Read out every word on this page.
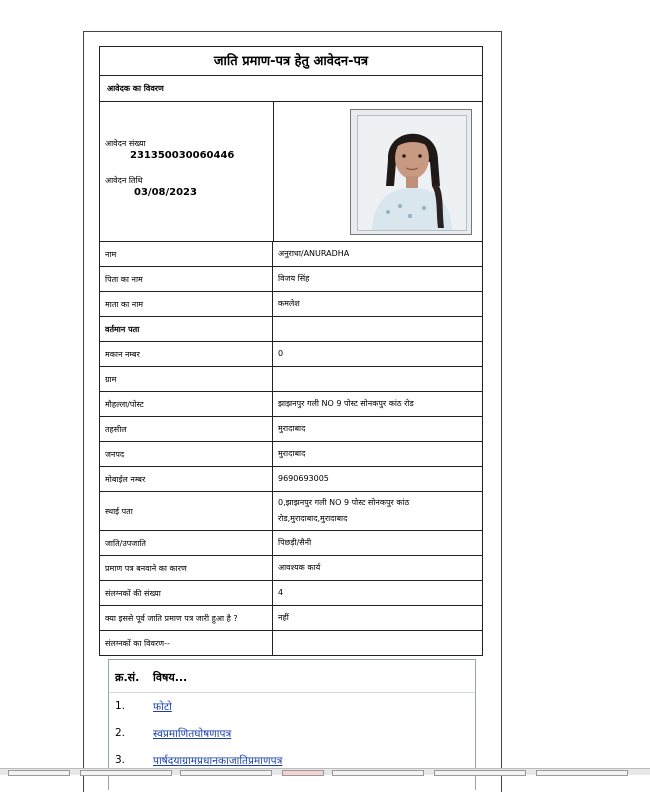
जाति प्रमाण-पत्र हेतु आवेदन-पत्र
आवेदक का विवरण
आवेदन संख्या
231350030060446
आवेदन तिथि
03/08/2023
नाम	अनुराधा/ANURADHA
पिता का नाम	विजय सिंह
माता का नाम	कमलेश
वर्तमान पता	
मकान नम्बर	0
ग्राम	
मौहल्ला/पोस्ट	झाझनपुर गली NO 9 पोस्ट सोनकपुर कांठ रोड
तहसील	मुरादाबाद
जनपद	मुरादाबाद
मोबाईल नम्बर	9690693005
स्थाई पता	0,झाझनपुर गली NO 9 पोस्ट सोनकपुर कांठ रोड,मुरादाबाद,मुरादाबाद
जाति/उपजाति	पिछड़ी/सैनी
प्रमाण पत्र बनवाने का कारण	आवश्यक कार्य
संलग्नकों की संख्या	4
क्या इससे पूर्व जाति प्रमाण पत्र जारी हुआ है ?	नहीं
संलग्नकों का विवरण--	
क्र.सं. विषय...
1.	फोटो
2.	स्वप्रमाणितघोषणापत्र
3.	पार्षदयाग्रामप्रधानकाजातिप्रमाणपत्र
